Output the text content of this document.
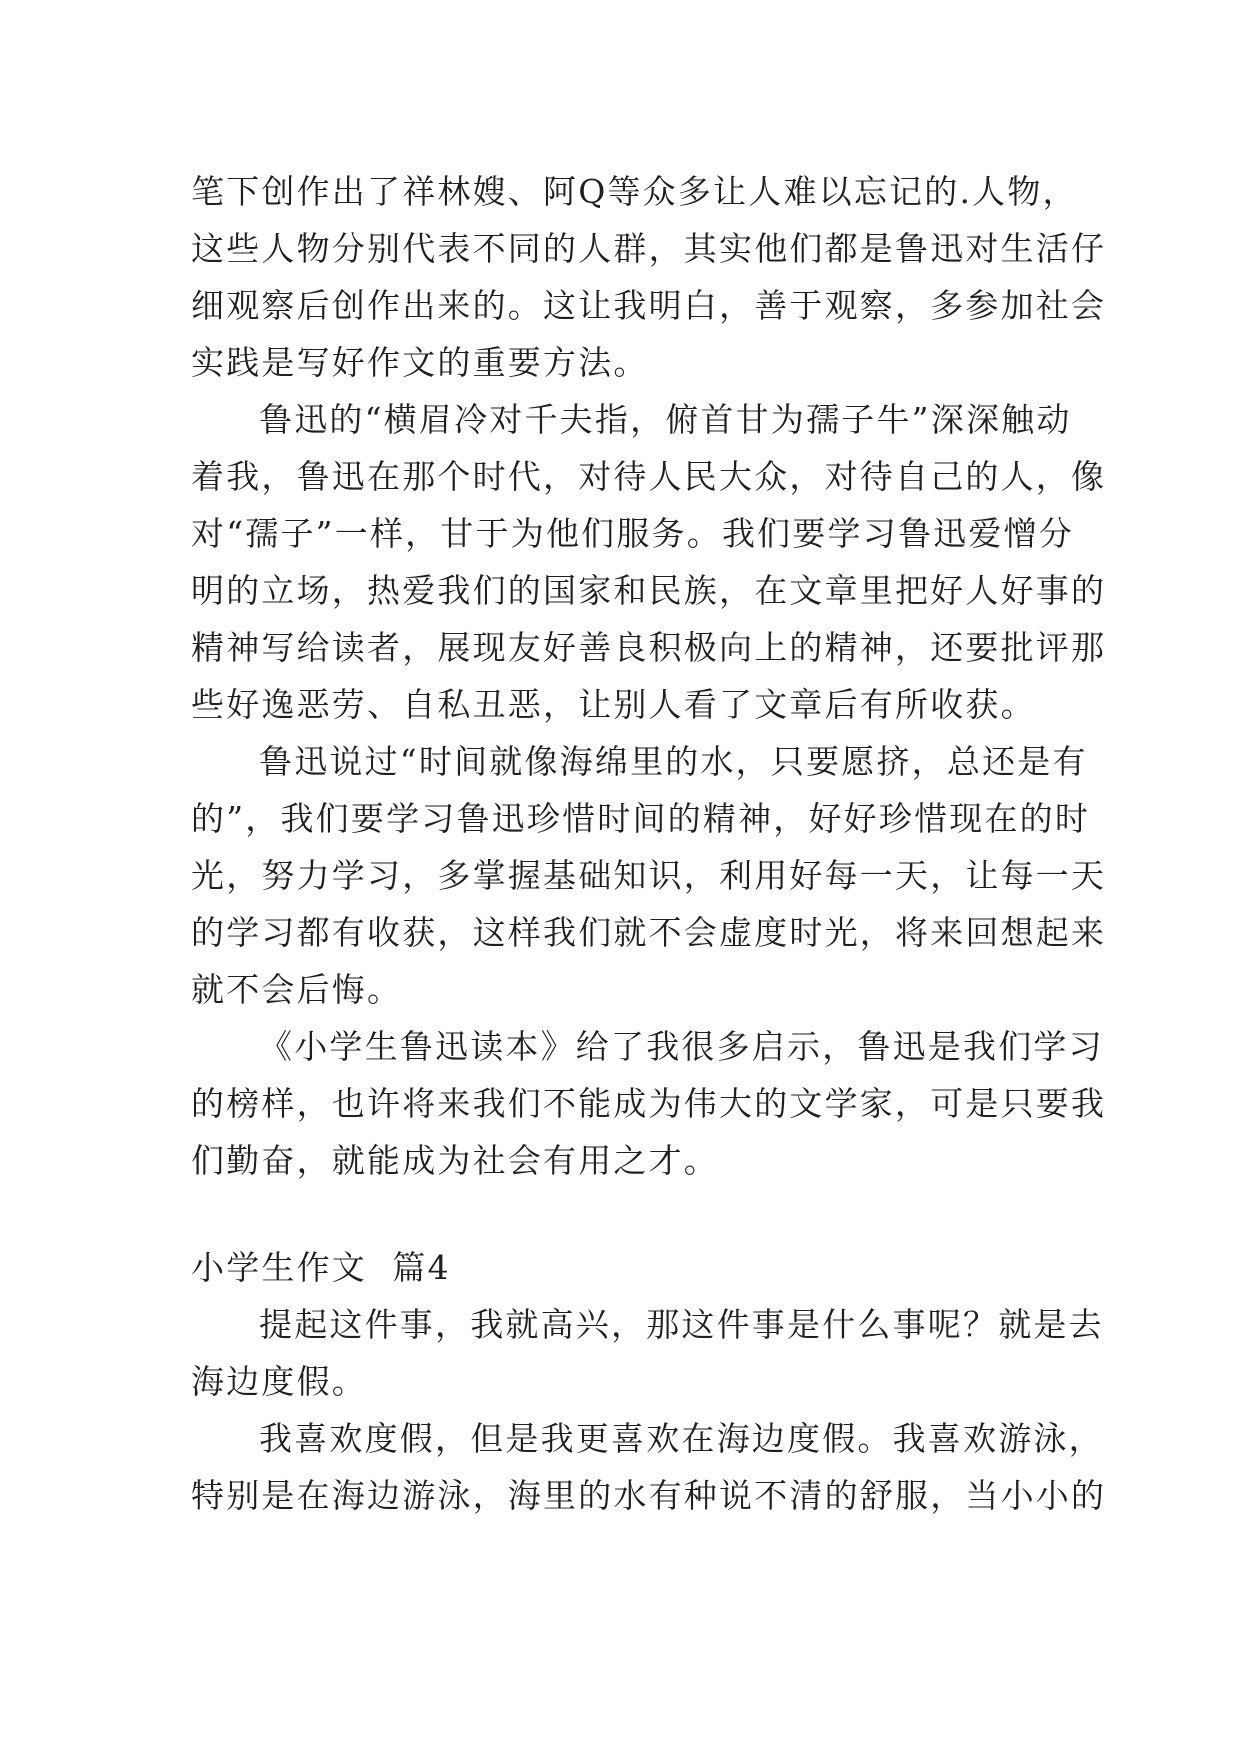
笔下创作出了祥林嫂、阿Q等众多让人难以忘记的.人物，
这些人物分别代表不同的人群，其实他们都是鲁迅对生活仔
细观察后创作出来的。这让我明白，善于观察，多参加社会
实践是写好作文的重要方法。
鲁迅的“横眉冷对千夫指，俯首甘为孺子牛”深深触动
着我，鲁迅在那个时代，对待人民大众，对待自己的人，像
对“孺子”一样，甘于为他们服务。我们要学习鲁迅爱憎分
明的立场，热爱我们的国家和民族，在文章里把好人好事的
精神写给读者，展现友好善良积极向上的精神，还要批评那
些好逸恶劳、自私丑恶，让别人看了文章后有所收获。
鲁迅说过“时间就像海绵里的水，只要愿挤，总还是有
的”，我们要学习鲁迅珍惜时间的精神，好好珍惜现在的时
光，努力学习，多掌握基础知识，利用好每一天，让每一天
的学习都有收获，这样我们就不会虚度时光，将来回想起来
就不会后悔。
《小学生鲁迅读本》给了我很多启示，鲁迅是我们学习
的榜样，也许将来我们不能成为伟大的文学家，可是只要我
们勤奋，就能成为社会有用之才。
小学生作文  篇4
提起这件事，我就高兴，那这件事是什么事呢？就是去
海边度假。
我喜欢度假，但是我更喜欢在海边度假。我喜欢游泳，
特别是在海边游泳，海里的水有种说不清的舒服，当小小的
